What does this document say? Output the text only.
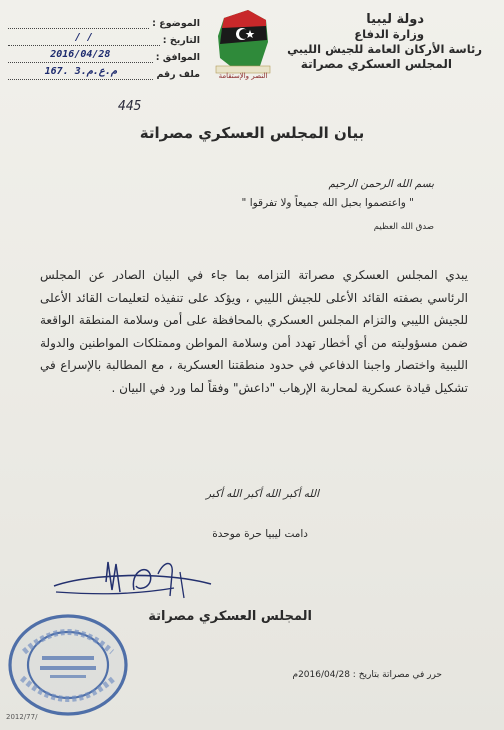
دولة ليبيا
وزارة الدفاع
رئاسة الأركان العامة للجيش الليبي
المجلس العسكري مصراتة
النصر والإستقامة
الموضوع :
التاريخ :
/ /
الموافق :
2016/04/28
ملف رقم
167. م.ع.م.3
445
بيان المجلس العسكري مصراتة
بسم الله الرحمن الرحيم
" واعتصموا بحبل الله جميعاً ولا تفرقوا "
صدق الله العظيم
يبدي المجلس العسكري مصراتة التزامه بما جاء في البيان الصادر عن المجلس الرئاسي بصفته القائد الأعلى للجيش الليبي ، ويؤكد على تنفيذه لتعليمات القائد الأعلى للجيش الليبي والتزام المجلس العسكري بالمحافظة على أمن وسلامة المنطقة الواقعة ضمن مسؤوليته من أي أخطار تهدد أمن وسلامة المواطن وممتلكات المواطنين والدولة الليبية واختصار واجبنا الدفاعي في حدود منطقتنا العسكرية ، مع المطالبة بالإسراع في تشكيل قيادة عسكرية لمحاربة الإرهاب "داعش" وفقاً لما ورد في البيان .
الله أكبر الله أكبر الله أكبر
دامت ليبيا حرة موحدة
المجلس العسكري مصراتة
حرر في مصراتة بتاريخ : 2016/04/28م
2012/77/
